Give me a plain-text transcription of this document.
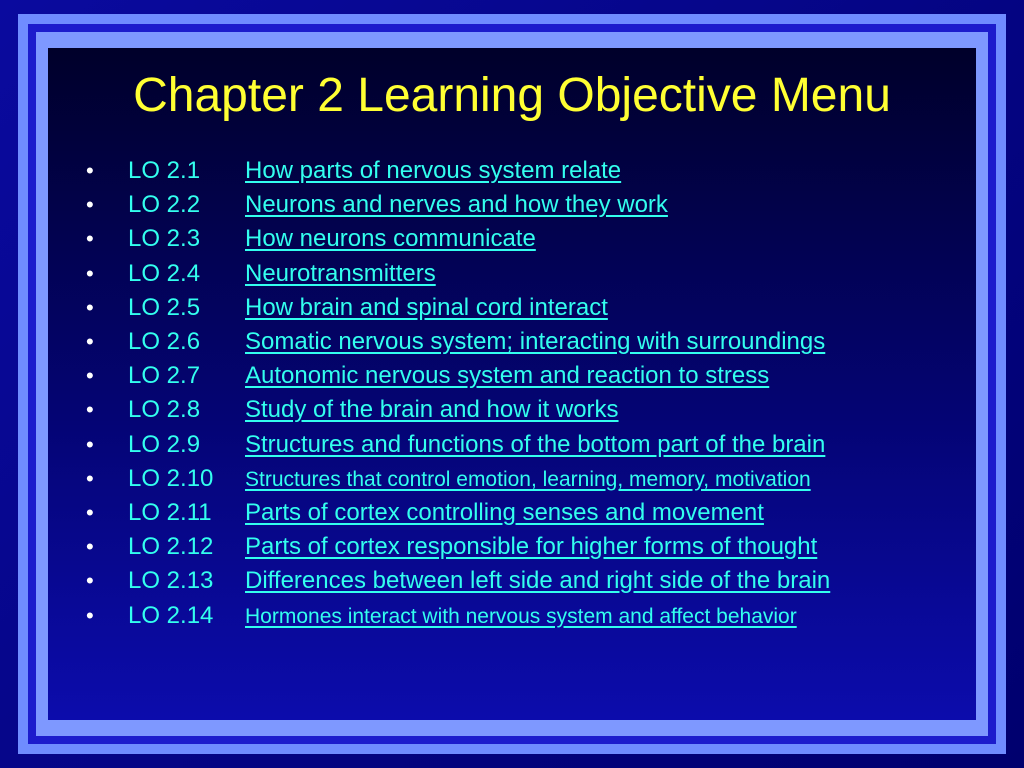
Chapter 2 Learning Objective Menu
•	LO 2.1 How parts of nervous system relate
•	LO 2.2 Neurons and nerves and how they work
•	LO 2.3 How neurons communicate
•	LO 2.4 Neurotransmitters
•	LO 2.5 How brain and spinal cord interact
•	LO 2.6 Somatic nervous system; interacting with surroundings
•	LO 2.7 Autonomic nervous system and reaction to stress
•	LO 2.8 Study of the brain and how it works
•	LO 2.9 Structures and functions of the bottom part of the brain
•	LO 2.10 Structures that control emotion, learning, memory, motivation
•	LO 2.11 Parts of cortex controlling senses and movement
•	LO 2.12 Parts of cortex responsible for higher forms of thought
•	LO 2.13 Differences between left side and right side of the brain
•	LO 2.14 Hormones interact with nervous system and affect behavior
